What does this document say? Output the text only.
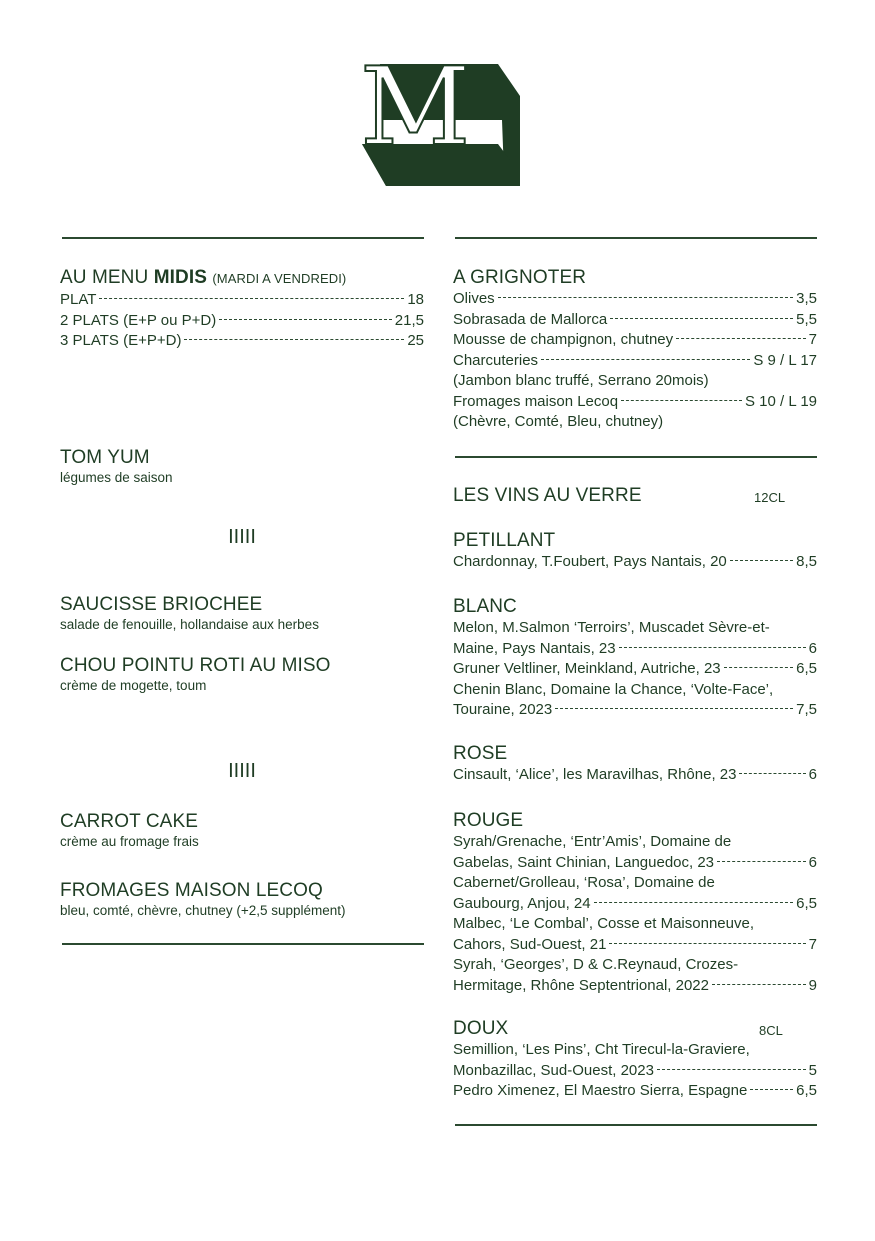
M
AU MENU MIDIS (MARDI A VENDREDI)
PLAT	18
2 PLATS (E+P ou P+D)	21,5
3 PLATS (E+P+D)	25
TOM YUM
légumes de saison
IIIII
SAUCISSE BRIOCHEE
salade de fenouille, hollandaise aux herbes
CHOU POINTU ROTI AU MISO
crème de mogette, toum
IIIII
CARROT CAKE
crème au fromage frais
FROMAGES MAISON LECOQ
bleu, comté, chèvre, chutney (+2,5 supplément)
A GRIGNOTER
Olives	3,5
Sobrasada de Mallorca	5,5
Mousse de champignon, chutney	7
Charcuteries	S 9 / L 17
(Jambon blanc truffé, Serrano 20mois)
Fromages maison Lecoq	S 10 / L 19
(Chèvre, Comté, Bleu, chutney)
LES VINS AU VERRE	12CL
PETILLANT
Chardonnay, T.Foubert, Pays Nantais, 20	8,5
BLANC
Melon, M.Salmon ‘Terroirs’, Muscadet Sèvre-et-
Maine, Pays Nantais, 23	6
Gruner Veltliner, Meinkland, Autriche, 23	6,5
Chenin Blanc, Domaine la Chance, ‘Volte-Face’,
Touraine, 2023	7,5
ROSE
Cinsault, ‘Alice’, les Maravilhas, Rhône, 23	6
ROUGE
Syrah/Grenache, ‘Entr’Amis’, Domaine de
Gabelas, Saint Chinian, Languedoc, 23	6
Cabernet/Grolleau, ‘Rosa’, Domaine de
Gaubourg, Anjou, 24	6,5
Malbec, ‘Le Combal’, Cosse et Maisonneuve,
Cahors, Sud-Ouest, 21	7
Syrah, ‘Georges’, D & C.Reynaud, Crozes-
Hermitage, Rhône Septentrional, 2022	9
DOUX	8CL
Semillion, ‘Les Pins’, Cht Tirecul-la-Graviere,
Monbazillac, Sud-Ouest, 2023	5
Pedro Ximenez, El Maestro Sierra, Espagne	6,5
